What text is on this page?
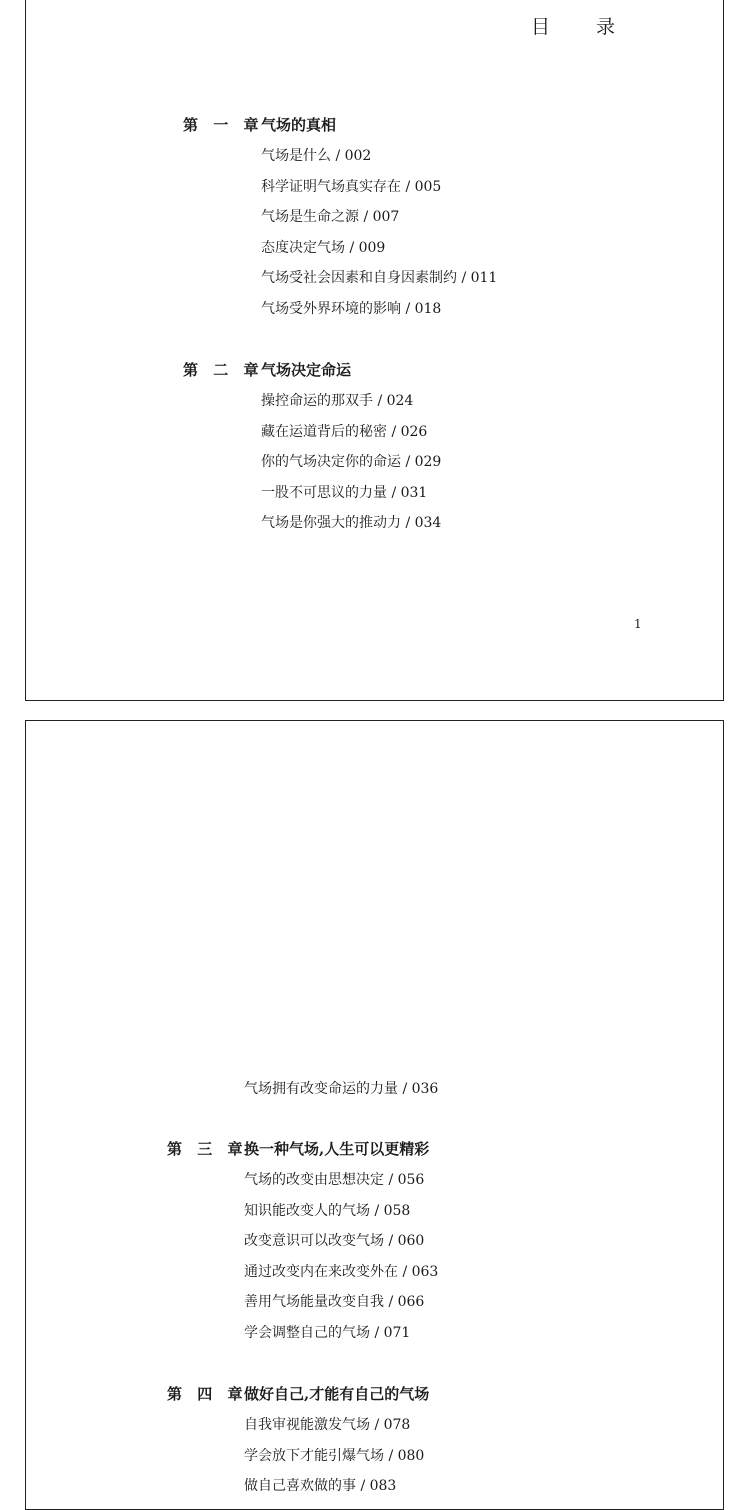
目 录
第 一 章
气场的真相
气场是什么 / 002
科学证明气场真实存在 / 005
气场是生命之源 / 007
态度决定气场 / 009
气场受社会因素和自身因素制约 / 011
气场受外界环境的影响 / 018
第 二 章
气场决定命运
操控命运的那双手 / 024
藏在运道背后的秘密 / 026
你的气场决定你的命运 / 029
一股不可思议的力量 / 031
气场是你强大的推动力 / 034
1
气场拥有改变命运的力量 / 036
第 三 章
换一种气场,人生可以更精彩
气场的改变由思想决定 / 056
知识能改变人的气场 / 058
改变意识可以改变气场 / 060
通过改变内在来改变外在 / 063
善用气场能量改变自我 / 066
学会调整自己的气场 / 071
第 四 章
做好自己,才能有自己的气场
自我审视能激发气场 / 078
学会放下才能引爆气场 / 080
做自己喜欢做的事 / 083
